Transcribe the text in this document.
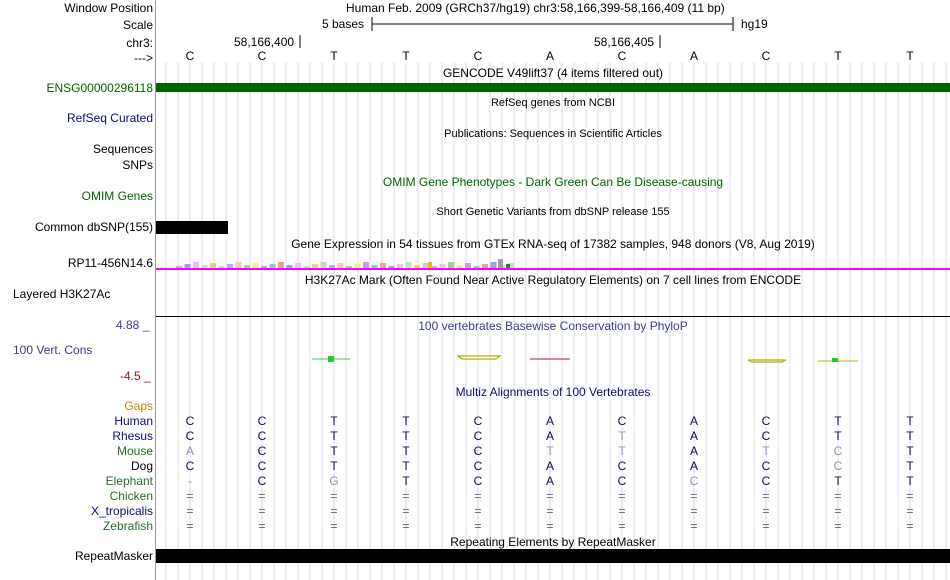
Window Position
Scale
chr3:
--->
Human Feb. 2009 (GRCh37/hg19) chr3:58,166,399-58,166,409 (11 bp)
5 bases	hg19
58,166,400	58,166,405
C	C	T	T	C	A	C	A	C	T	T
GENCODE V49lift37 (4 items filtered out)
ENSG00000296118
RefSeq genes from NCBI
RefSeq Curated
Publications: Sequences in Scientific Articles
Sequences
SNPs
OMIM Gene Phenotypes - Dark Green Can Be Disease-causing
OMIM Genes
Short Genetic Variants from dbSNP release 155
Common dbSNP(155)
Gene Expression in 54 tissues from GTEx RNA-seq of 17382 samples, 948 donors (V8, Aug 2019)
RP11-456N14.6
H3K27Ac Mark (Often Found Near Active Regulatory Elements) on 7 cell lines from ENCODE
Layered H3K27Ac
100 vertebrates Basewise Conservation by PhyloP
4.88 _
100 Vert. Cons
-4.5 _
Multiz Alignments of 100 Vertebrates
Gaps
Human	C	C	T	T	C	A	C	A	C	T	T
Rhesus	C	C	T	T	C	A	T	A	C	T	T
Mouse	A	C	T	T	C	T	T	A	T	C	T
Dog	C	C	T	T	C	A	C	A	C	C	T
Elephant	-	C	G	T	C	A	C	C	C	T	T
Chicken	=	=	=	=	=	=	=	=	=	=	=
X_tropicalis	=	=	=	=	=	=	=	=	=	=	=
Zebrafish	=	=	=	=	=	=	=	=	=	=	=
Repeating Elements by RepeatMasker
RepeatMasker
